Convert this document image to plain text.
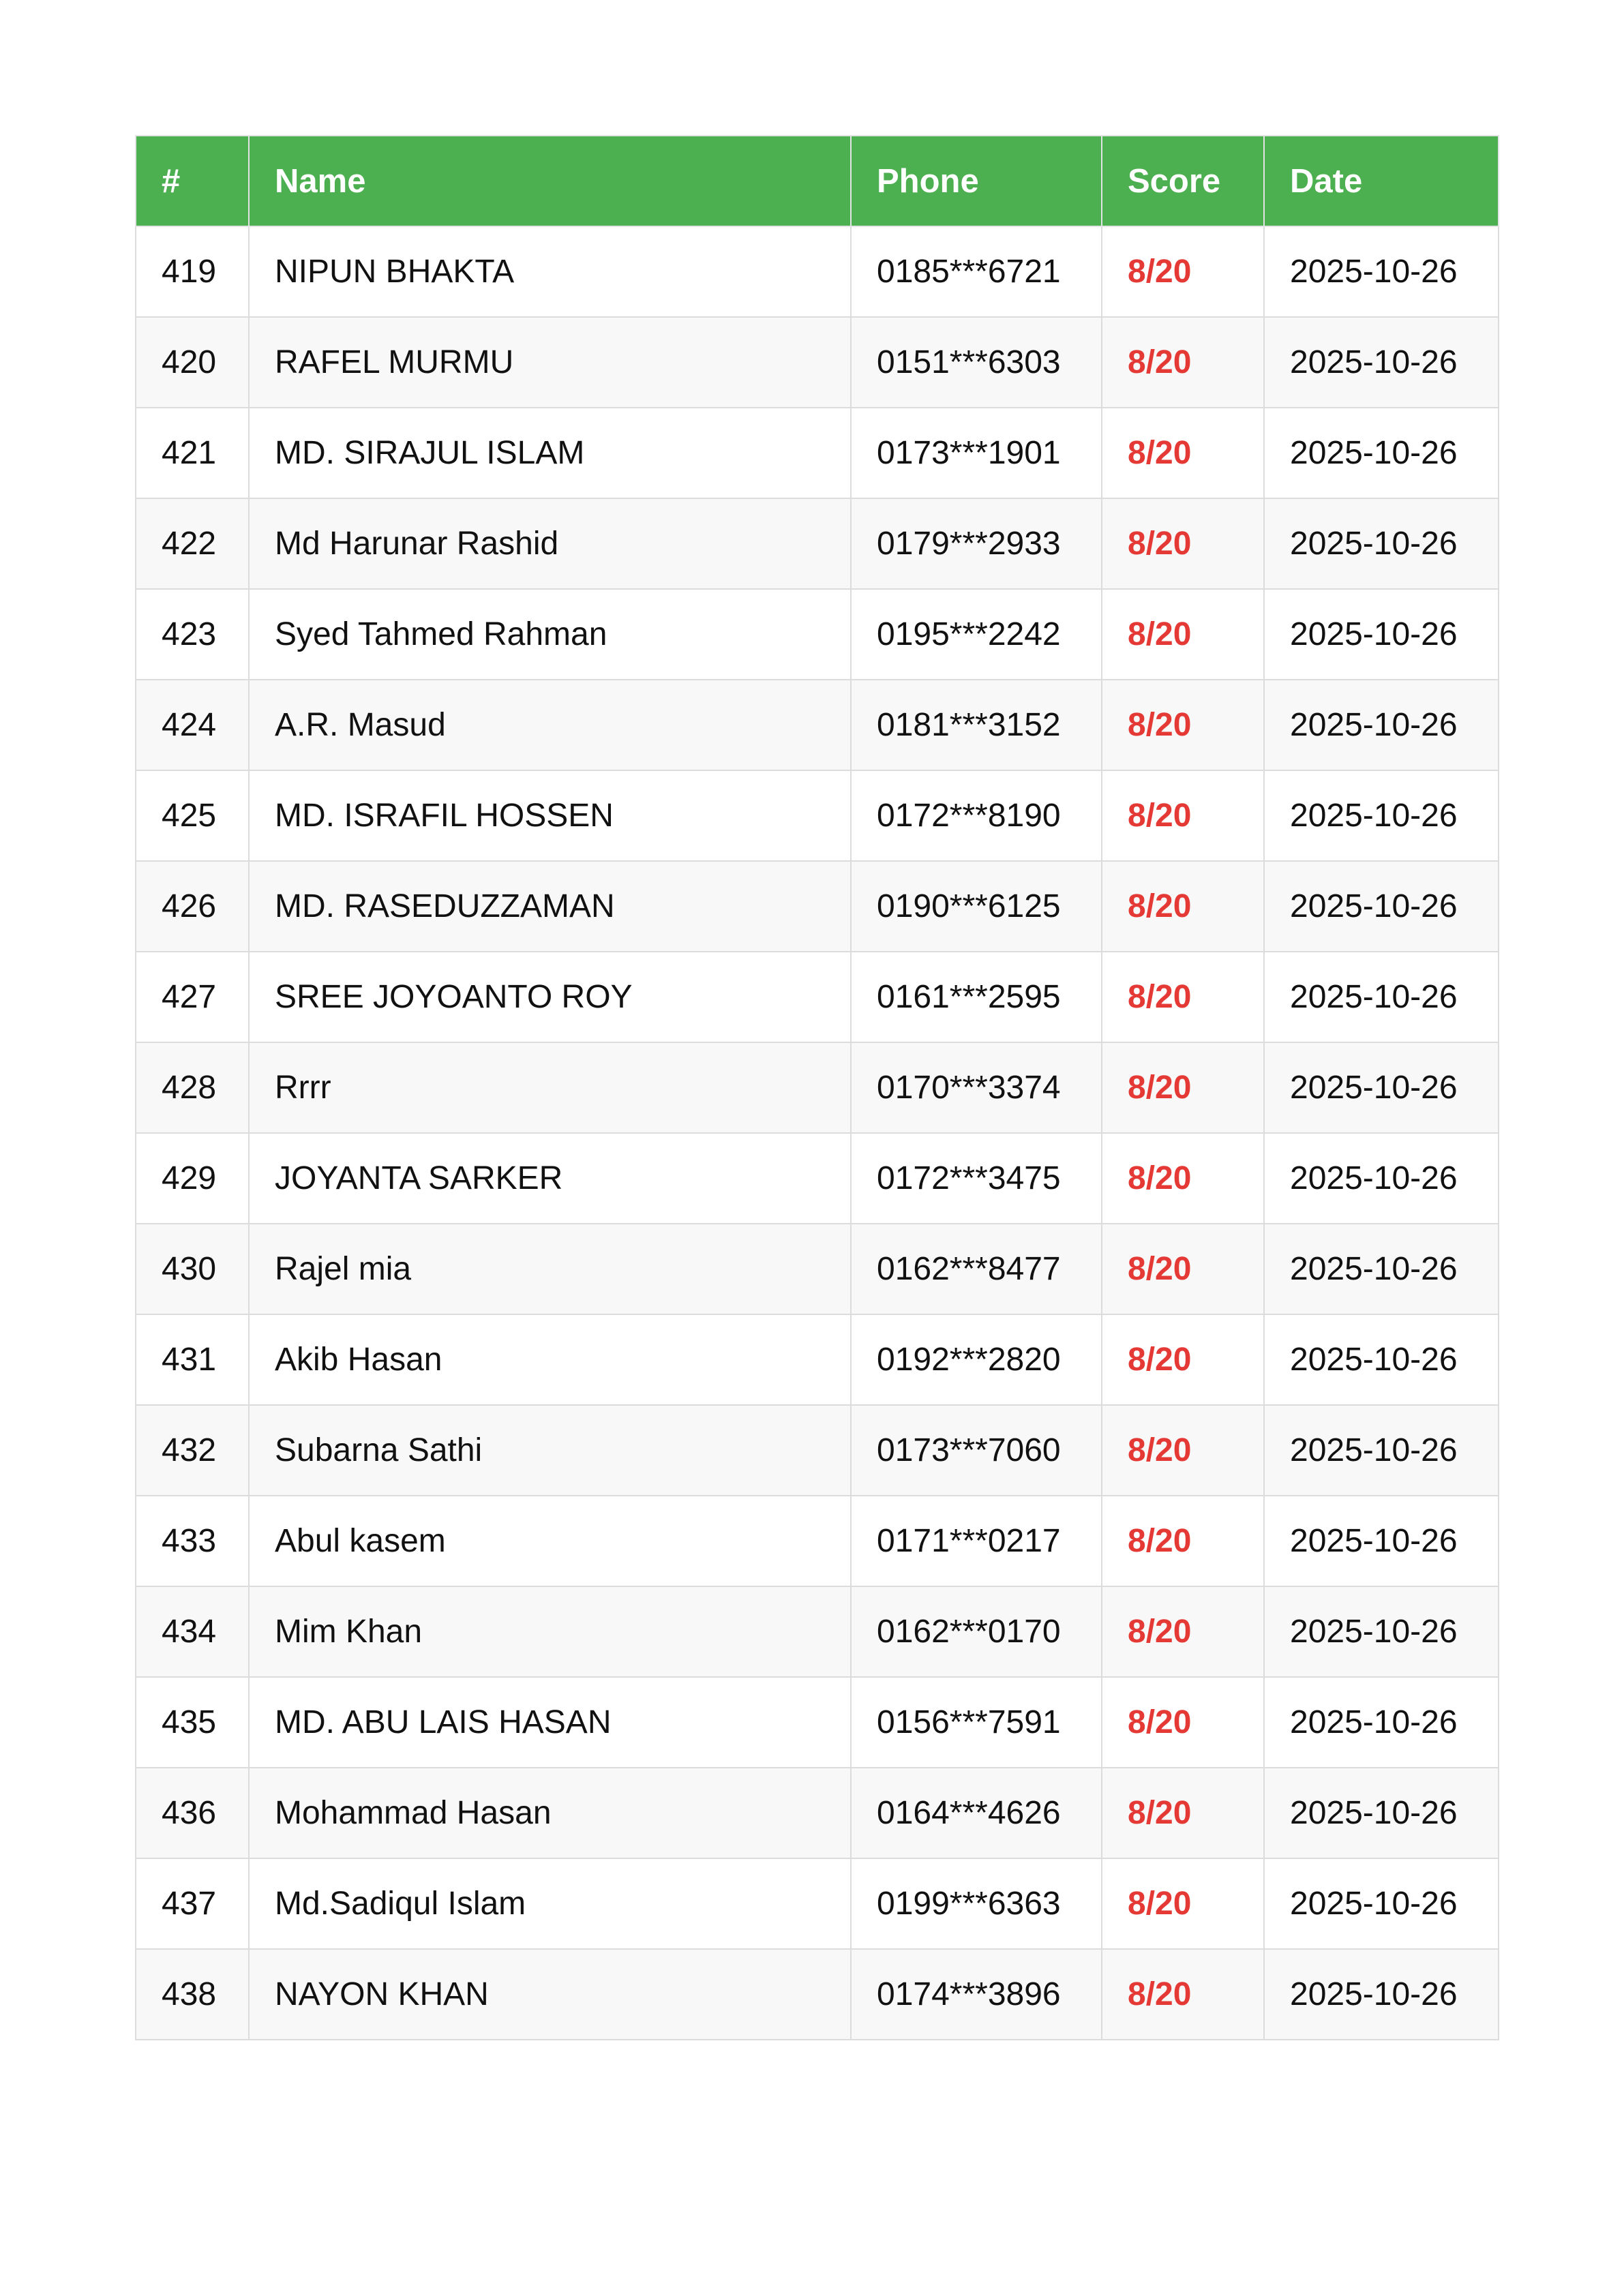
#	Name	Phone	Score	Date
419	NIPUN BHAKTA	0185***6721	8/20	2025-10-26
420	RAFEL MURMU	0151***6303	8/20	2025-10-26
421	MD. SIRAJUL ISLAM	0173***1901	8/20	2025-10-26
422	Md Harunar Rashid	0179***2933	8/20	2025-10-26
423	Syed Tahmed Rahman	0195***2242	8/20	2025-10-26
424	A.R. Masud	0181***3152	8/20	2025-10-26
425	MD. ISRAFIL HOSSEN	0172***8190	8/20	2025-10-26
426	MD. RASEDUZZAMAN	0190***6125	8/20	2025-10-26
427	SREE JOYOANTO ROY	0161***2595	8/20	2025-10-26
428	Rrrr	0170***3374	8/20	2025-10-26
429	JOYANTA SARKER	0172***3475	8/20	2025-10-26
430	Rajel mia	0162***8477	8/20	2025-10-26
431	Akib Hasan	0192***2820	8/20	2025-10-26
432	Subarna Sathi	0173***7060	8/20	2025-10-26
433	Abul kasem	0171***0217	8/20	2025-10-26
434	Mim Khan	0162***0170	8/20	2025-10-26
435	MD. ABU LAIS HASAN	0156***7591	8/20	2025-10-26
436	Mohammad Hasan	0164***4626	8/20	2025-10-26
437	Md.Sadiqul Islam	0199***6363	8/20	2025-10-26
438	NAYON KHAN	0174***3896	8/20	2025-10-26
